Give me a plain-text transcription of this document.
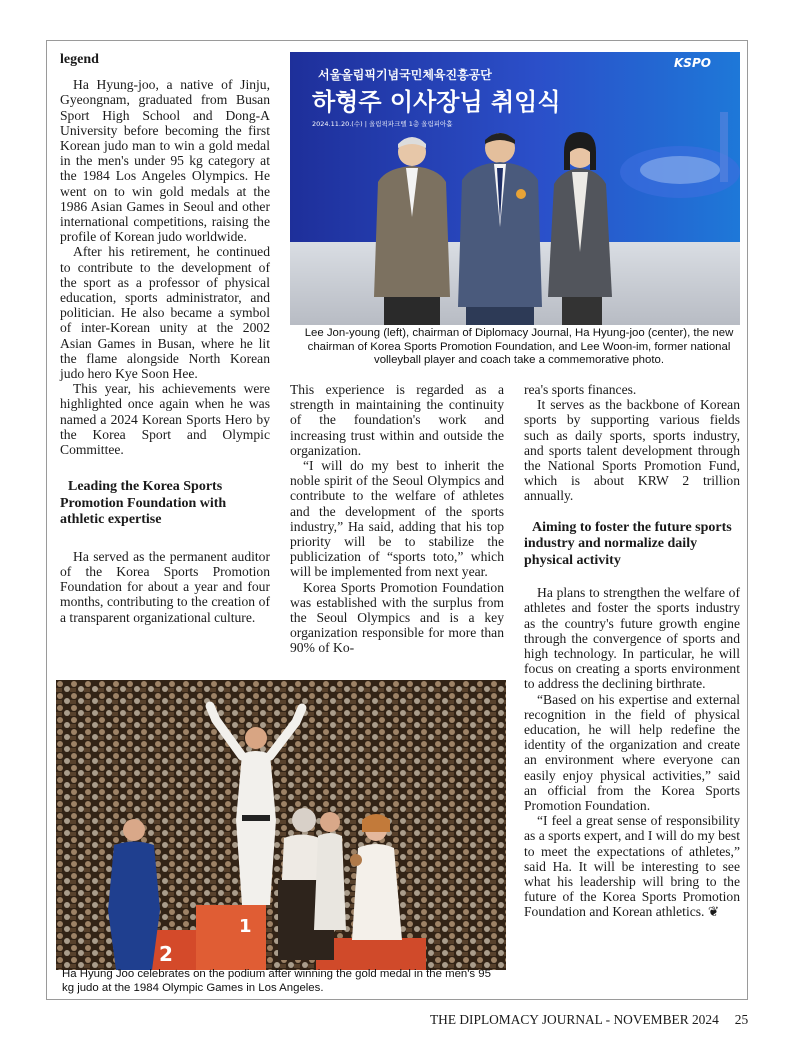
legend

Ha Hyung-joo, a native of Jinju, Gyeongnam, graduated from Busan Sport High School and Dong-A University before becoming the first Korean judo man to win a gold medal in the men's under 95 kg category at the 1984 Los Angeles Olympics. He went on to win gold medals at the 1986 Asian Games in Seoul and other international competitions, raising the profile of Korean judo worldwide.

After his retirement, he continued to contribute to the development of the sport as a professor of physical education, sports administrator, and politician. He also became a symbol of inter-Korean unity at the 2002 Asian Games in Busan, where he lit the flame alongside North Korean judo hero Kye Soon Hee.

This year, his achievements were highlighted once again when he was named a 2024 Korean Sports Hero by the Korea Sport and Olympic Committee.

Leading the Korea Sports Promotion Foundation with athletic expertise

Ha served as the permanent auditor of the Korea Sports Promotion Foundation for about a year and four months, contributing to the creation of a transparent organizational culture.

서울올림픽기념국민체육진흥공단
하형주 이사장님 취임식
2024.11.20.(수) | 올림픽파크텔 1층 올림피아홀
KSPO
Lee Jon-young (left), chairman of Diplomacy Journal, Ha Hyung-joo (center), the new chairman of Korea Sports Promotion Foundation, and Lee Woon-im, former national volleyball player and coach take a commemorative photo.

This experience is regarded as a strength in maintaining the continuity of the foundation's work and increasing trust within and outside the organization.

“I will do my best to inherit the noble spirit of the Seoul Olympics and contribute to the welfare of athletes and the development of the sports industry,” Ha said, adding that his top priority will be to stabilize the publicization of “sports toto,” which will be implemented from next year.

Korea Sports Promotion Foundation was established with the surplus from the Seoul Olympics and is a key organization responsible for more than 90% of Ko-

rea's sports finances.

It serves as the backbone of Korean sports by supporting various fields such as daily sports, sports industry, and sports talent development through the National Sports Promotion Fund, which is about KRW 2 trillion annually.

Aiming to foster the future sports industry and normalize daily physical activity

Ha plans to strengthen the welfare of athletes and foster the sports industry as the country's future growth engine through the convergence of sports and high technology. In particular, he will focus on creating a sports environment to address the declining birthrate.

“Based on his expertise and external recognition in the field of physical education, he will help redefine the identity of the organization and create an environment where everyone can easily enjoy physical activities,” said an official from the Korea Sports Promotion Foundation.

“I feel a great sense of responsibility as a sports expert, and I will do my best to meet the expectations of athletes,” said Ha. It will be interesting to see what his leadership will bring to the future of the Korea Sports Promotion Foundation and Korean athletics. ❦

2
1
Ha Hyung Joo celebrates on the podium after winning the gold medal in the men's 95 kg judo at the 1984 Olympic Games in Los Angeles.
THE DIPLOMACY JOURNAL - NOVEMBER 2024 25
